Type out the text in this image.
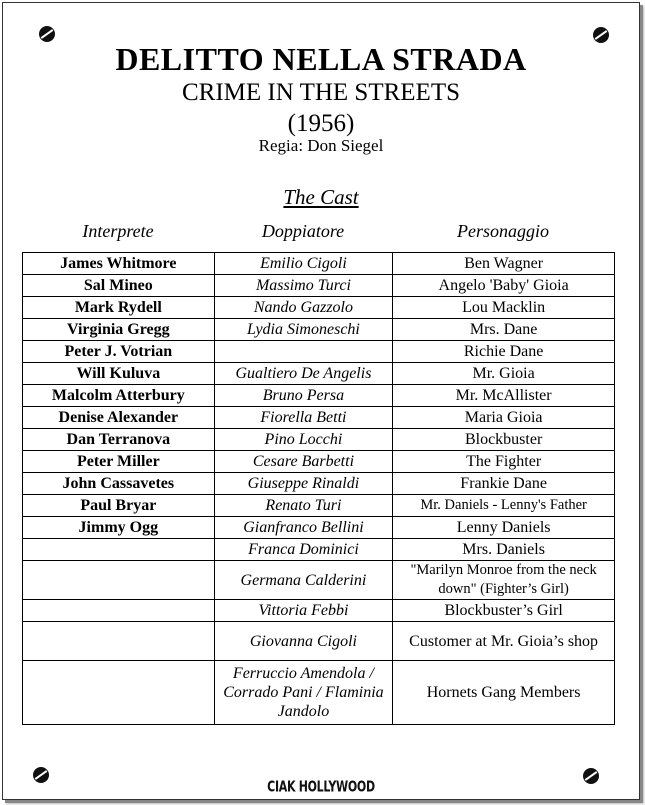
DELITTO NELLA STRADA
CRIME IN THE STREETS
(1956)
Regia: Don Siegel
The Cast
Interprete	Doppiatore	Personaggio
James Whitmore	Emilio Cigoli	Ben Wagner
Sal Mineo	Massimo Turci	Angelo 'Baby' Gioia
Mark Rydell	Nando Gazzolo	Lou Macklin
Virginia Gregg	Lydia Simoneschi	Mrs. Dane
Peter J. Votrian		Richie Dane
Will Kuluva	Gualtiero De Angelis	Mr. Gioia
Malcolm Atterbury	Bruno Persa	Mr. McAllister
Denise Alexander	Fiorella Betti	Maria Gioia
Dan Terranova	Pino Locchi	Blockbuster
Peter Miller	Cesare Barbetti	The Fighter
John Cassavetes	Giuseppe Rinaldi	Frankie Dane
Paul Bryar	Renato Turi	Mr. Daniels - Lenny's Father
Jimmy Ogg	Gianfranco Bellini	Lenny Daniels
	Franca Dominici	Mrs. Daniels
	Germana Calderini	"Marilyn Monroe from the neck down" (Fighter’s Girl)
	Vittoria Febbi	Blockbuster’s Girl
	Giovanna Cigoli	Customer at Mr. Gioia’s shop
	Ferruccio Amendola / Corrado Pani / Flaminia Jandolo	Hornets Gang Members
CIAK HOLLYWOOD
